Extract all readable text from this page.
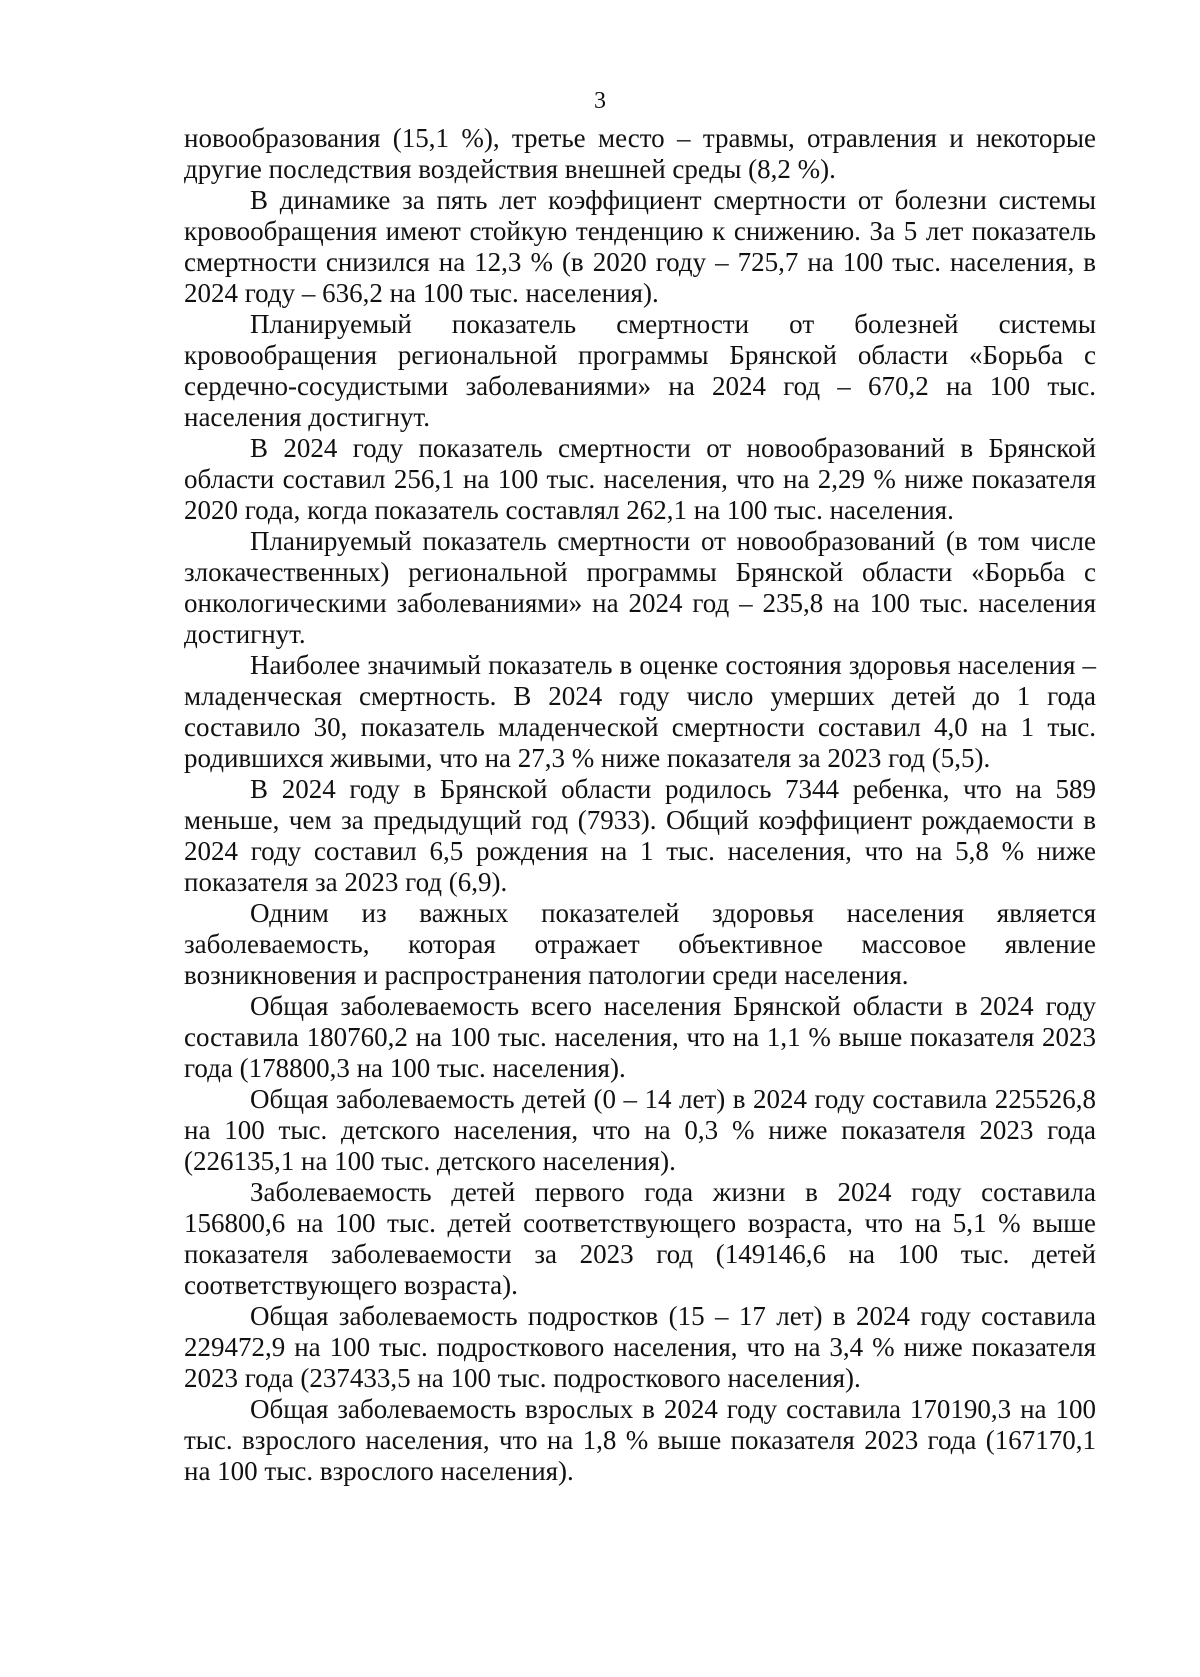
3

новообразования (15,1 %), третье место – травмы, отравления и некоторые другие последствия воздействия внешней среды (8,2 %).

В динамике за пять лет коэффициент смертности от болезни системы кровообращения имеют стойкую тенденцию к снижению. За 5 лет показатель смертности снизился на 12,3 % (в 2020 году – 725,7 на 100 тыс. населения, в 2024 году – 636,2 на 100 тыс. населения).

Планируемый показатель смертности от болезней системы кровообращения региональной программы Брянской области «Борьба с сердечно-сосудистыми заболеваниями» на 2024 год – 670,2 на 100 тыс. населения достигнут.

В 2024 году показатель смертности от новообразований в Брянской области составил 256,1 на 100 тыс. населения, что на 2,29 % ниже показателя 2020 года, когда показатель составлял 262,1 на 100 тыс. населения.

Планируемый показатель смертности от новообразований (в том числе злокачественных) региональной программы Брянской области «Борьба с онкологическими заболеваниями» на 2024 год – 235,8 на 100 тыс. населения достигнут.

Наиболее значимый показатель в оценке состояния здоровья населения – младенческая смертность. В 2024 году число умерших детей до 1 года составило 30, показатель младенческой смертности составил 4,0 на 1 тыс. родившихся живыми, что на 27,3 % ниже показателя за 2023 год (5,5).

В 2024 году в Брянской области родилось 7344 ребенка, что на 589 меньше, чем за предыдущий год (7933). Общий коэффициент рождаемости в 2024 году составил 6,5 рождения на 1 тыс. населения, что на 5,8 % ниже показателя за 2023 год (6,9).

Одним из важных показателей здоровья населения является заболеваемость, которая отражает объективное массовое явление возникновения и распространения патологии среди населения.

Общая заболеваемость всего населения Брянской области в 2024 году составила 180760,2 на 100 тыс. населения, что на 1,1 % выше показателя 2023 года (178800,3 на 100 тыс. населения).

Общая заболеваемость детей (0 – 14 лет) в 2024 году составила 225526,8 на 100 тыс. детского населения, что на 0,3 % ниже показателя 2023 года (226135,1 на 100 тыс. детского населения).

Заболеваемость детей первого года жизни в 2024 году составила 156800,6 на 100 тыс. детей соответствующего возраста, что на 5,1 % выше показателя заболеваемости за 2023 год (149146,6 на 100 тыс. детей соответствующего возраста).

Общая заболеваемость подростков (15 – 17 лет) в 2024 году составила 229472,9 на 100 тыс. подросткового населения, что на 3,4 % ниже показателя 2023 года (237433,5 на 100 тыс. подросткового населения).

Общая заболеваемость взрослых в 2024 году составила 170190,3 на 100 тыс. взрослого населения, что на 1,8 % выше показателя 2023 года (167170,1 на 100 тыс. взрослого населения).
